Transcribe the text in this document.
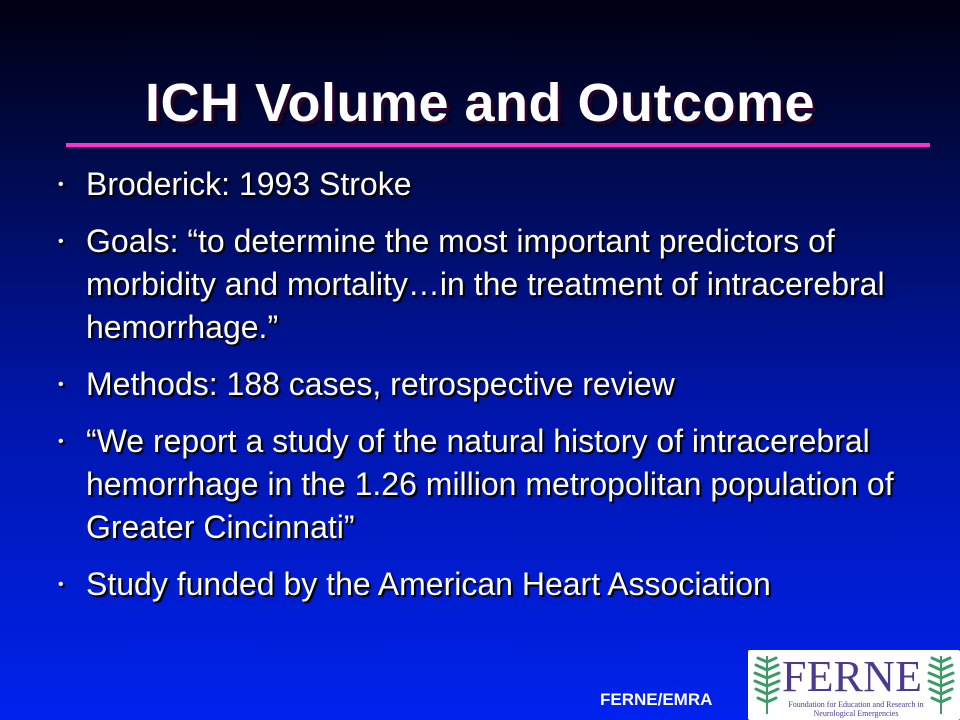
ICH Volume and Outcome
• Broderick: 1993 Stroke
• Goals: “to determine the most important predictors of morbidity and mortality…in the treatment of intracerebral hemorrhage.”
• Methods: 188 cases, retrospective review
• “We report a study of the natural history of intracerebral hemorrhage in the 1.26 million metropolitan population of Greater Cincinnati”
• Study funded by the American Heart Association
FERNE/EMRA F E R N E
Foundation for Education and Research in Neurological Emergencies
